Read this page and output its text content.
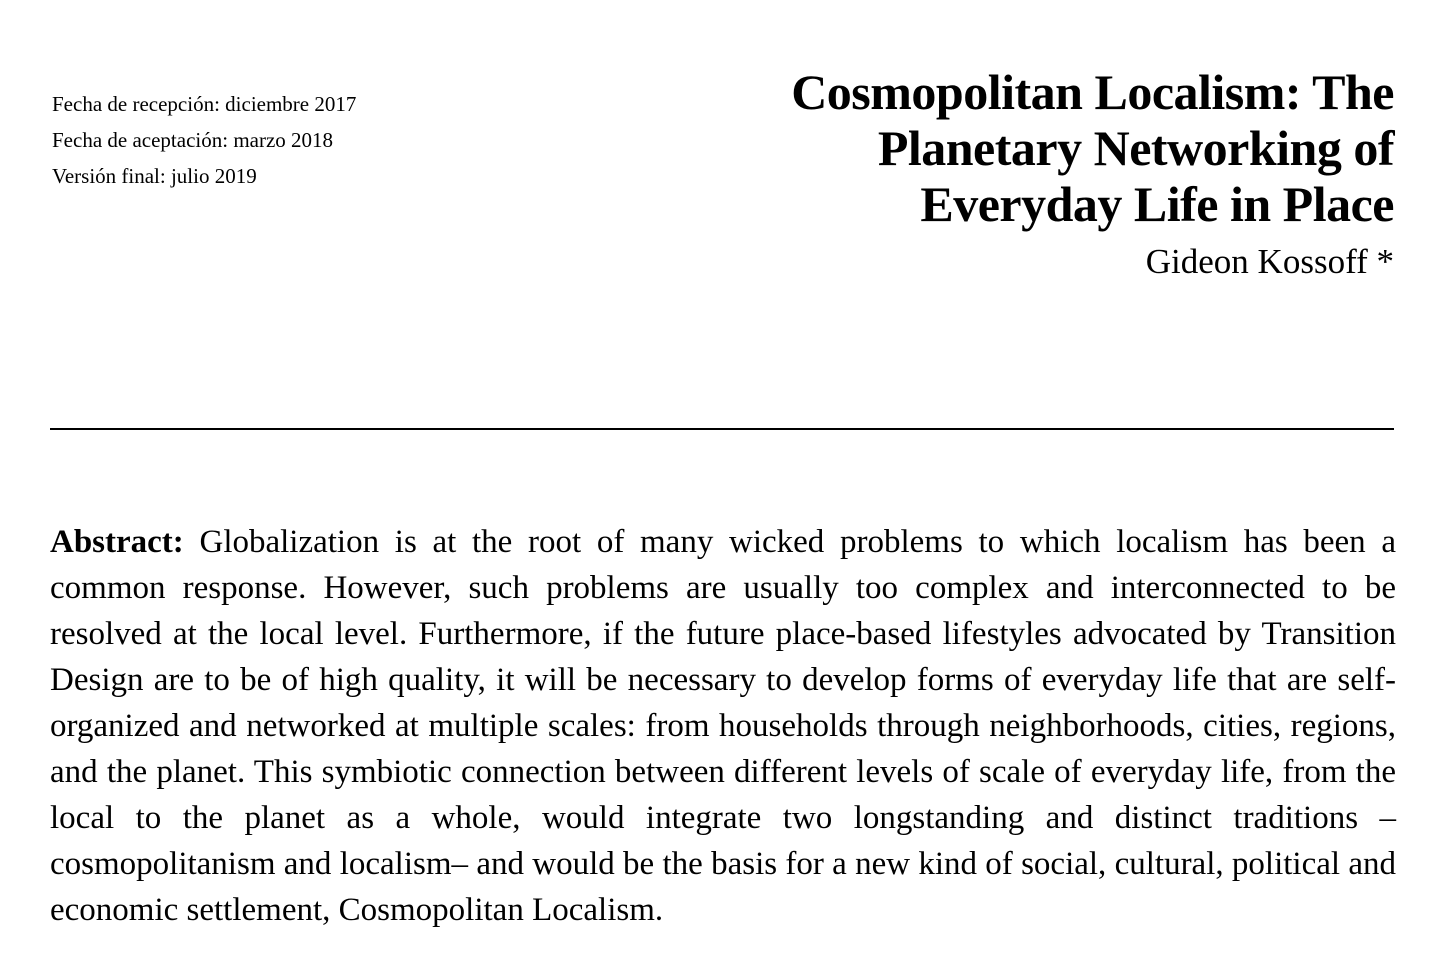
Fecha de recepción: diciembre 2017
Fecha de aceptación: marzo 2018
Versión final: julio 2019
Cosmopolitan Localism: The
Planetary Networking of
Everyday Life in Place
Gideon Kossoff *

Abstract: Globalization is at the root of many wicked problems to which localism has been a common response. However, such problems are usually too complex and interconnected to be resolved at the local level. Furthermore, if the future place-based lifestyles advocated by Transition Design are to be of high quality, it will be necessary to develop forms of everyday life that are self-organized and networked at multiple scales: from households through neighborhoods, cities, regions, and the planet. This symbiotic connection between different levels of scale of everyday life, from the local to the planet as a whole, would integrate two longstanding and distinct traditions –cosmopolitanism and localism– and would be the basis for a new kind of social, cultural, political and economic settlement, Cosmopolitan Localism.
